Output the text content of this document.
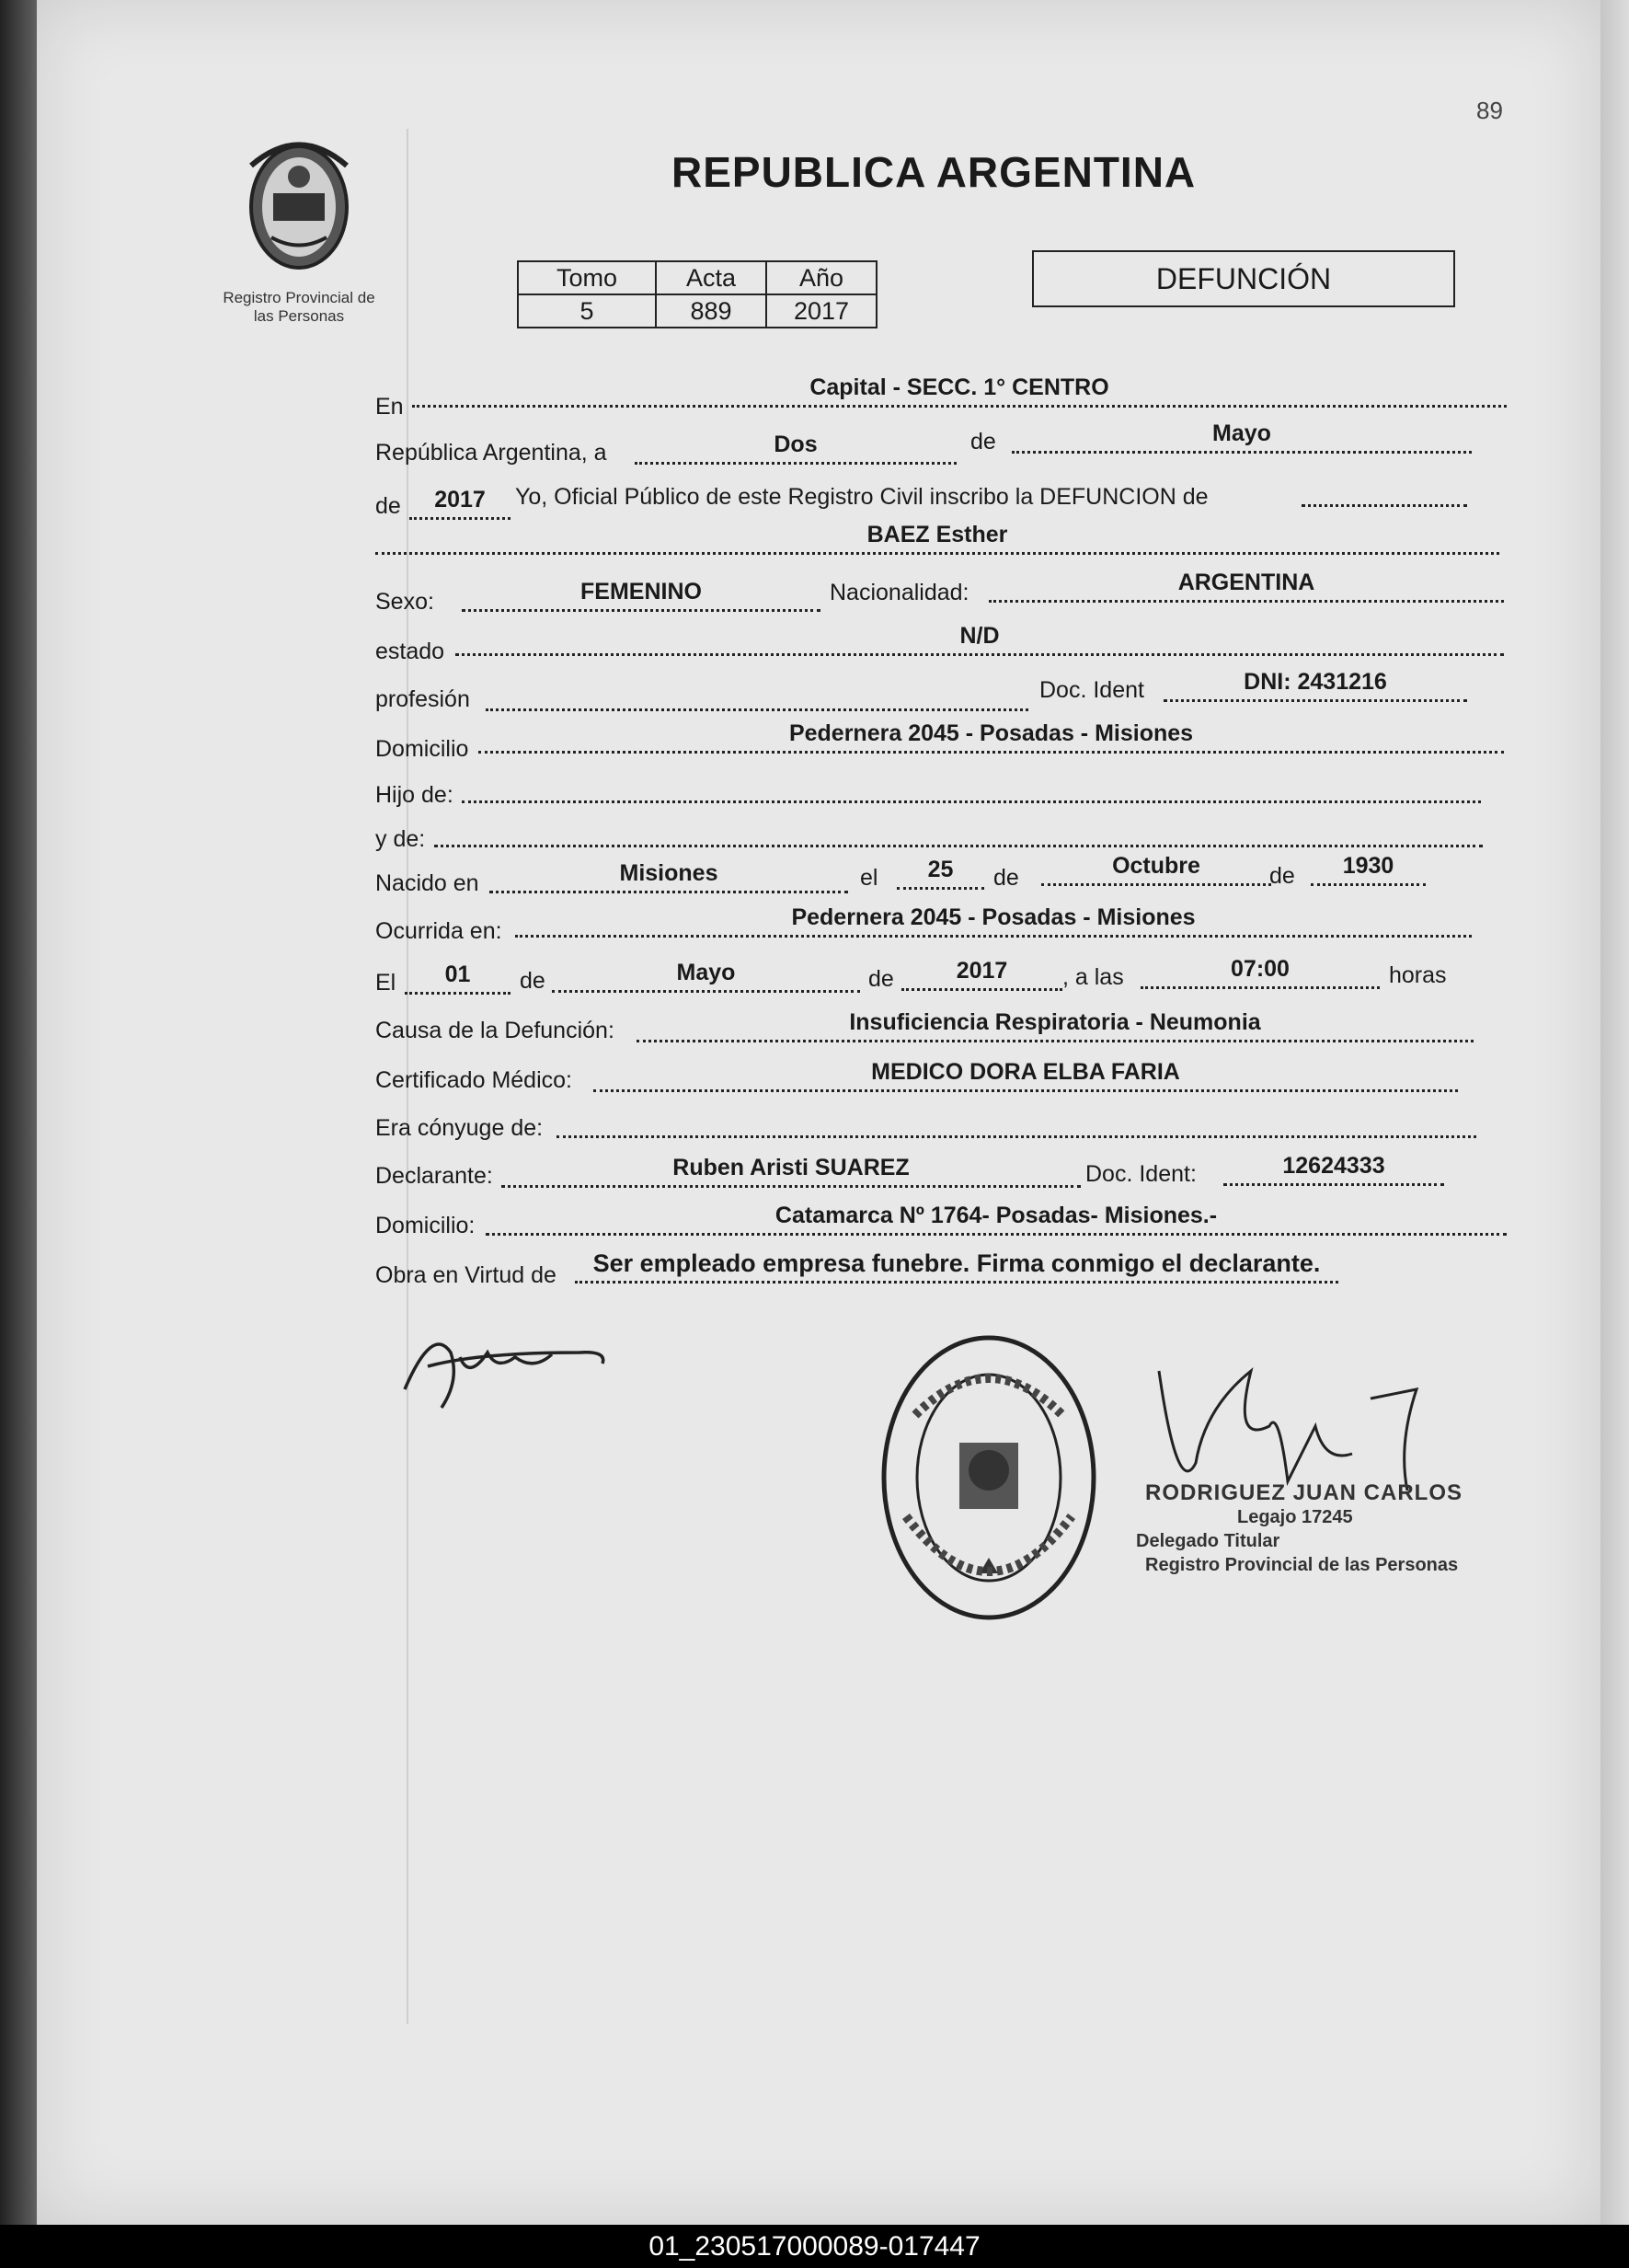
89
Registro Provincial de
las Personas
REPUBLICA ARGENTINA
Tomo	Acta	Año
5	889	2017
DEFUNCIÓN
En
Capital - SECC. 1° CENTRO
República Argentina, a	Dos	de	Mayo
de	2017	Yo, Oficial Público de este Registro Civil inscribo la DEFUNCION de
BAEZ Esther
Sexo:	FEMENINO	Nacionalidad:	ARGENTINA
estado
N/D
profesión	Doc. Ident	DNI: 2431216
Domicilio
Pedernera 2045 - Posadas - Misiones
Hijo de:
y de:
Nacido en	Misiones	el	25	de	Octubre	de	1930
Ocurrida en:
Pedernera 2045 - Posadas - Misiones
El	01	de	Mayo	de	2017	, a las	07:00	horas
Causa de la Defunción:	Insuficiencia Respiratoria - Neumonia
Certificado Médico:	MEDICO DORA ELBA FARIA
Era cónyuge de:
Declarante:	Ruben Aristi SUAREZ	Doc. Ident:	12624333
Domicilio:	Catamarca Nº 1764- Posadas- Misiones.-
Obra en Virtud de	Ser empleado empresa funebre. Firma conmigo el declarante.
RODRIGUEZ JUAN CARLOS
Legajo 17245
Delegado Titular
Registro Provincial de las Personas
01_230517000089-017447
